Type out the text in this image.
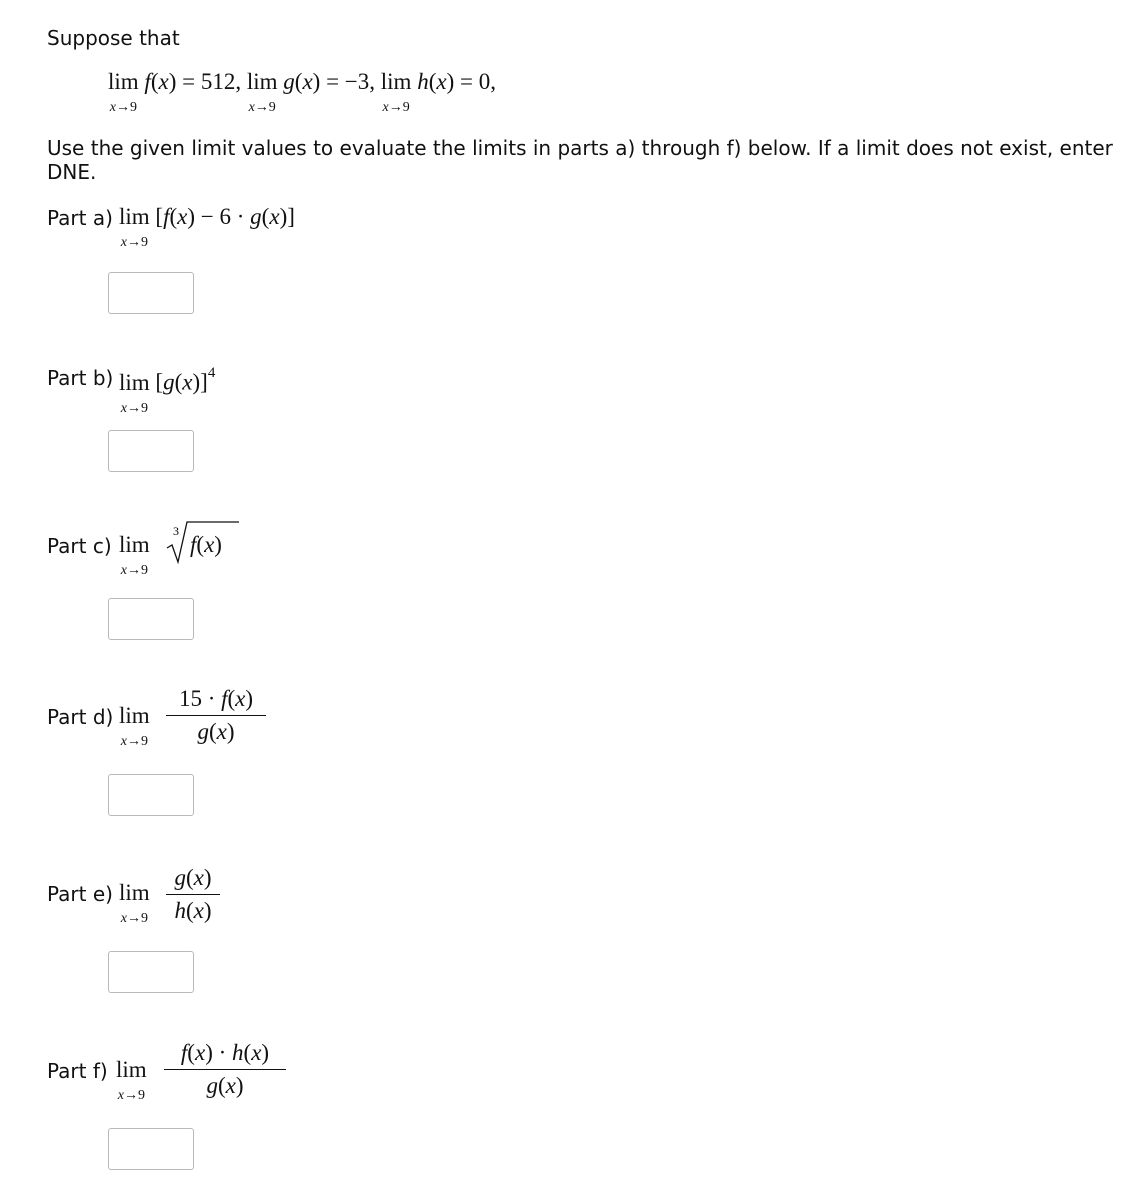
Suppose that
lim
x→9
f(x) = 512, lim
x→9
g(x) = −3, lim
x→9
h(x) = 0,
Use the given limit values to evaluate the limits in parts a) through f) below. If a limit does not exist, enter
DNE.
Part a) lim
x→9
[f(x) − 6 · g(x)]
Part b) lim
x→9
$[g(x)]^4$
Part c) lim
x→9
3
f(x)
Part d) lim
x→9
15 · f(x)
g(x)
Part e) lim
x→9
g(x)
h(x)
Part f) lim
x→9
f(x) · h(x)
g(x)
